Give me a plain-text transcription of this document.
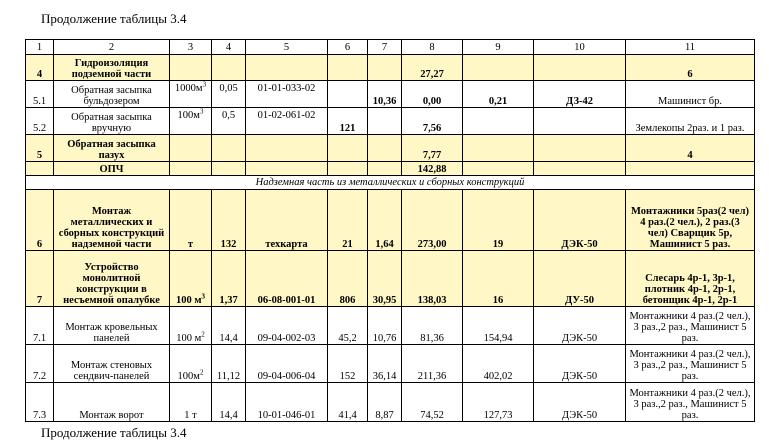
Продолжение таблицы 3.4
1	2	3	4	5	6	7	8	9	10	11
4	Гидроизоляция подземной части						27,27			6
5.1	Обратная засыпка бульдозером	$1000м^3$	0,05	01-01-033-02		10,36	0,00	0,21	ДЗ-42	Машинист бр.
5.2	Обратная засыпка вручную	$100м^3$	0,5	01-02-061-02	121		7,56			Землекопы 2раз. и 1 раз.
5	Обратная засыпка пазух						7,77			4
	ОПЧ						142,88			
Надземная часть из металлических и сборных конструкций										
6	Монтаж металлических и сборных конструкций надземной части	т	132	техкарта	21	1,64	273,00	19	ДЭК-50	Монтажники 5раз(2 чел) 4 раз.(2 чел.), 2 раз.(3 чел) Сварщик 5р, Машинист 5 раз.
7	Устройство монолитной конструкции в несъемной опалубке	100 $м^3$	1,37	06-08-001-01	806	30,95	138,03	16	ДУ-50	Слесарь 4р-1, 3р-1, плотник 4р-1, 2р-1, бетонщик 4р-1, 2р-1
7.1	Монтаж кровельных панелей	100 $м^2$	14,4	09-04-002-03	45,2	10,76	81,36	154,94	ДЭК-50	Монтажники 4 раз.(2 чел.), 3 раз.,2 раз., Машинист 5 раз.
7.2	Монтаж стеновых сендвич-панелей	$100м^2$	11,12	09-04-006-04	152	36,14	211,36	402,02	ДЭК-50	Монтажники 4 раз.(2 чел.), 3 раз.,2 раз., Машинист 5 раз.
7.3	Монтаж ворот	1 т	14,4	10-01-046-01	41,4	8,87	74,52	127,73	ДЭК-50	Монтажники 4 раз.(2 чел.), 3 раз.,2 раз., Машинист 5 раз.
Продолжение таблицы 3.4
